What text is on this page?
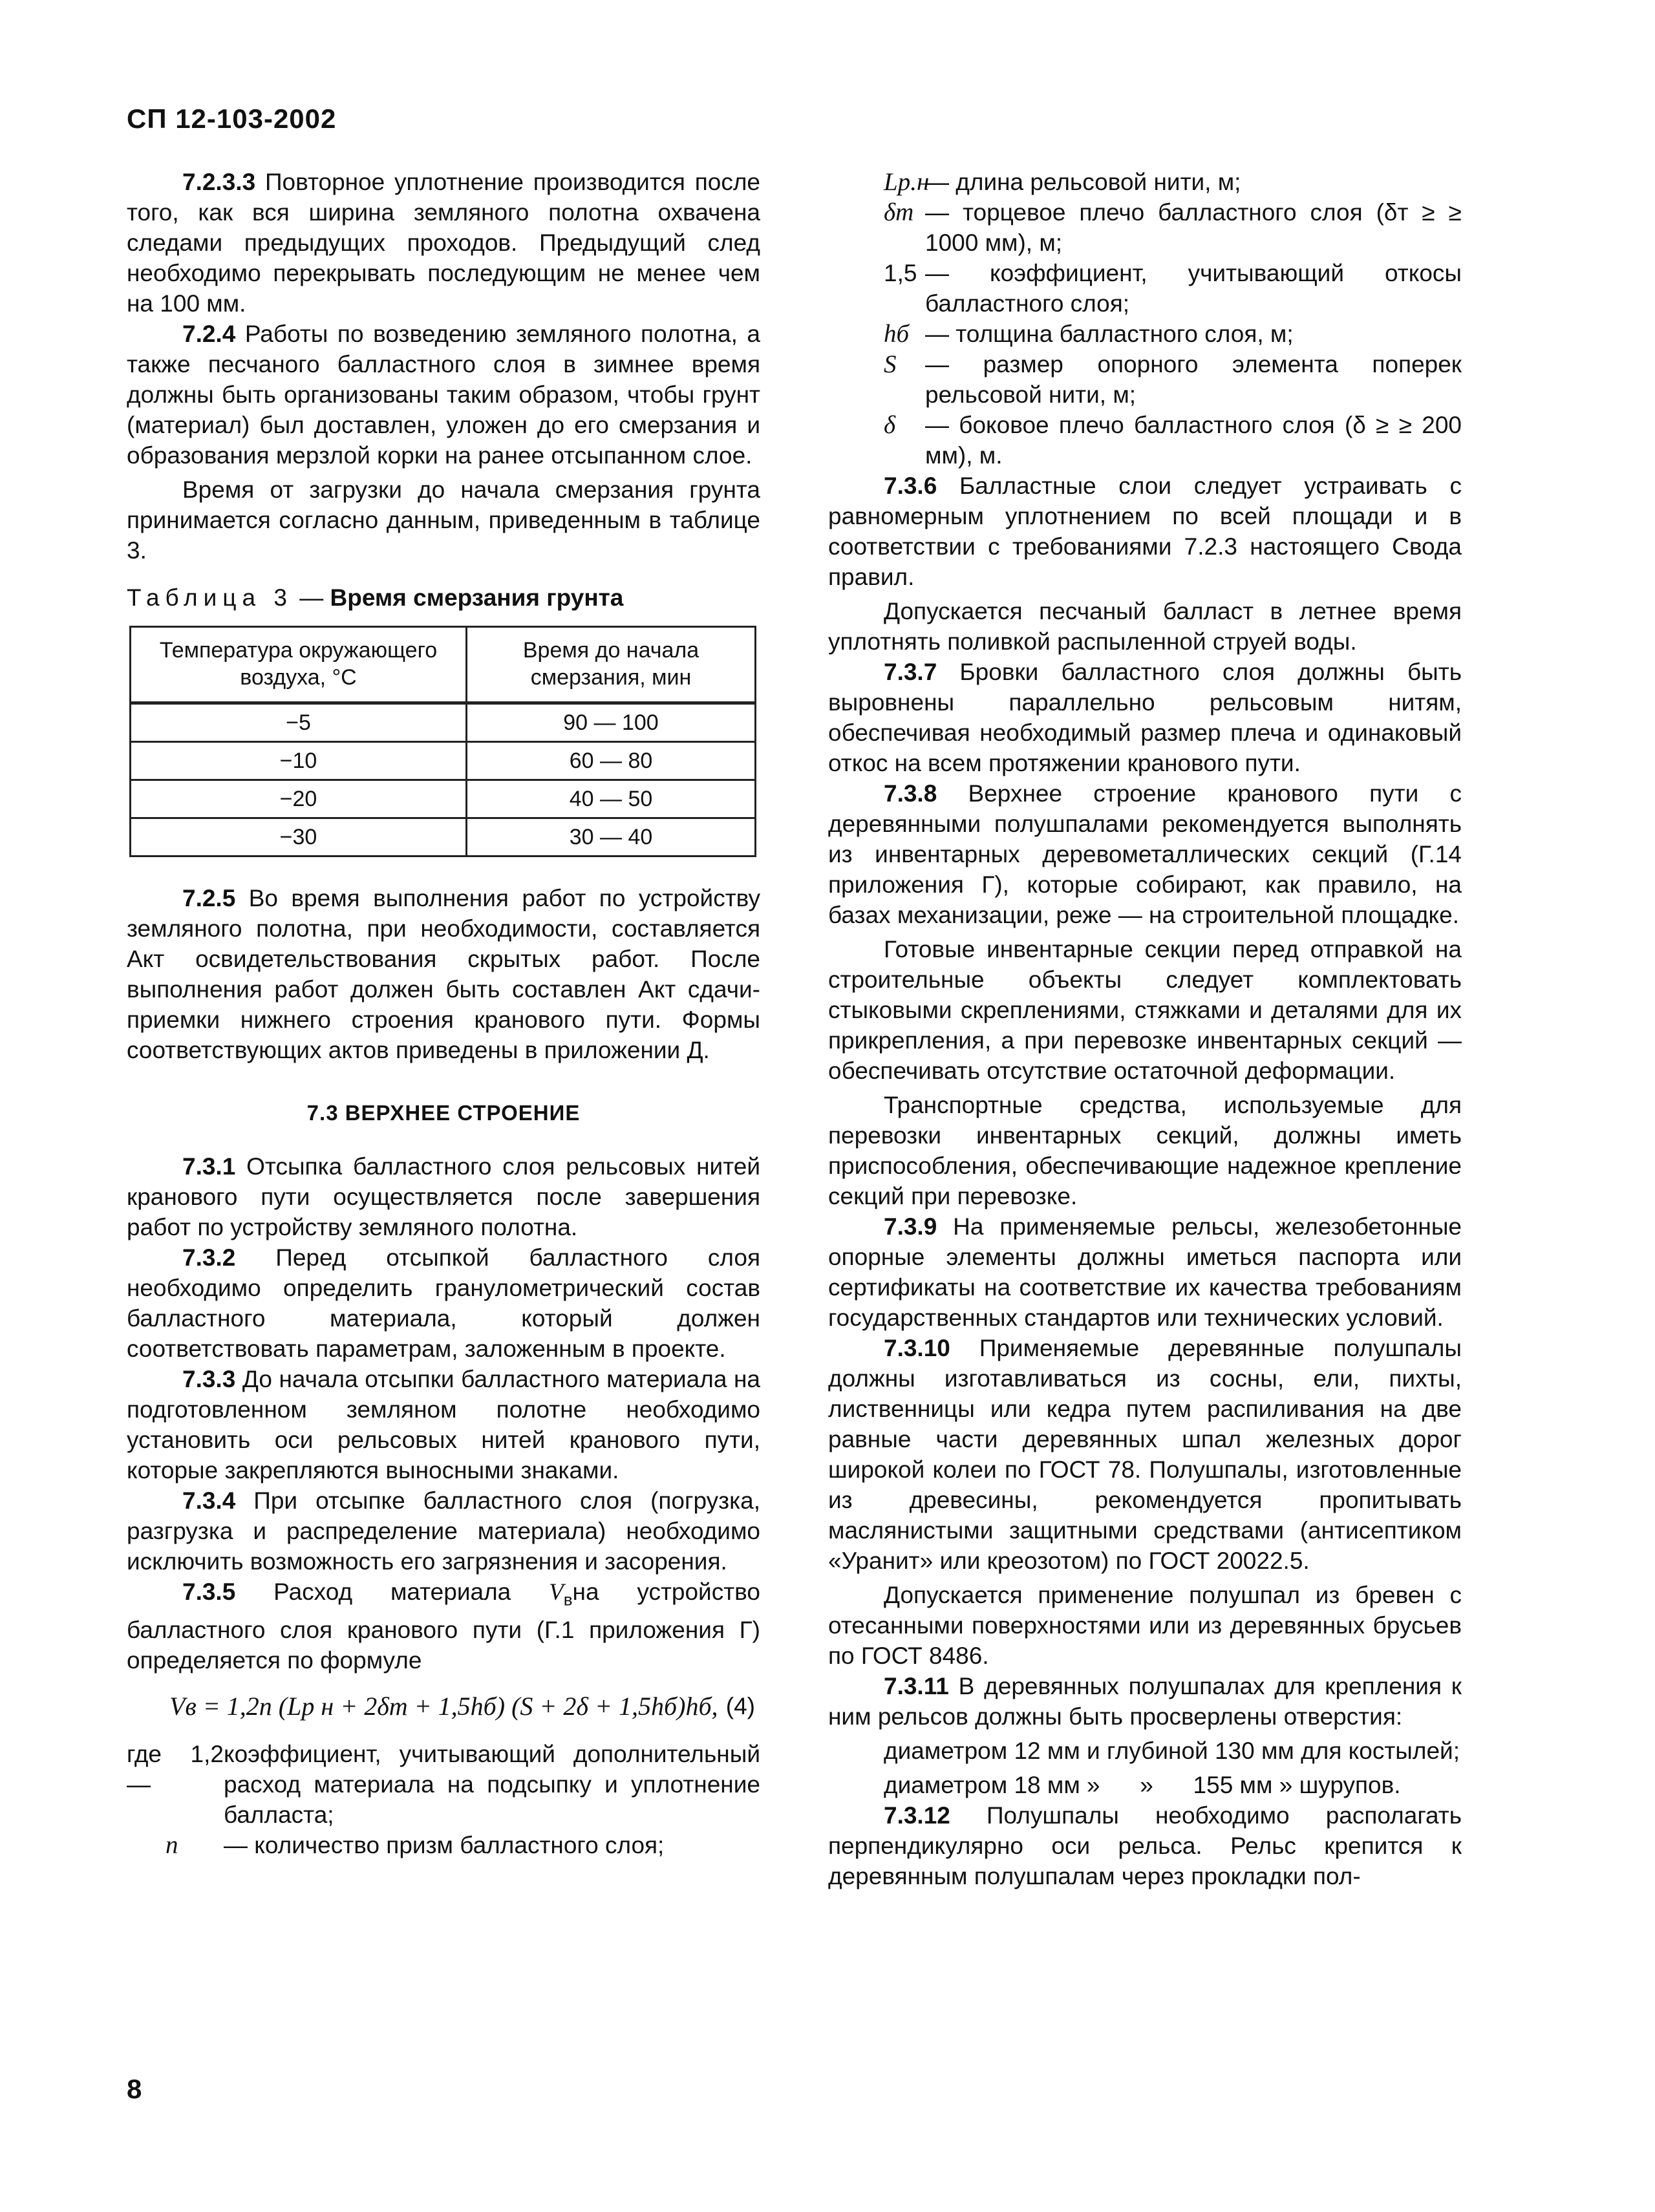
СП 12-103-2002

7.2.3.3 Повторное уплотнение производится после того, как вся ширина земляного полотна охвачена следами предыдущих проходов. Предыдущий след необходимо перекрывать последующим не менее чем на 100 мм.

7.2.4 Работы по возведению земляного полотна, а также песчаного балластного слоя в зимнее время должны быть организованы таким образом, чтобы грунт (материал) был доставлен, уложен до его смерзания и образования мерзлой корки на ранее отсыпанном слое.

Время от загрузки до начала смерзания грунта принимается согласно данным, приведенным в таблице 3.

Таблица 3 — Время смерзания грунта
Температура окружающего воздуха, °С	Время до начала смерзания, мин
−5	90 — 100
−10	60 — 80
−20	40 — 50
−30	30 — 40

7.2.5 Во время выполнения работ по устройству земляного полотна, при необходимости, составляется Акт освидетельствования скрытых работ. После выполнения работ должен быть составлен Акт сдачи-приемки нижнего строения кранового пути. Формы соответствующих актов приведены в приложении Д.

7.3 ВЕРХНЕЕ СТРОЕНИЕ

7.3.1 Отсыпка балластного слоя рельсовых нитей кранового пути осуществляется после завершения работ по устройству земляного полотна.

7.3.2 Перед отсыпкой балластного слоя необходимо определить гранулометрический состав балластного материала, который должен соответствовать параметрам, заложенным в проекте.

7.3.3 До начала отсыпки балластного материала на подготовленном земляном полотне необходимо установить оси рельсовых нитей кранового пути, которые закрепляются выносными знаками.

7.3.4 При отсыпке балластного слоя (погрузка, разгрузка и распределение материала) необходимо исключить возможность его загрязнения и засорения.

7.3.5 Расход материала $V_вна$ устройство балластного слоя кранового пути (Г.1 приложения Г) определяется по формуле

Vв = 1,2n (Lр н + 2δт + 1,5hб) (S + 2δ + 1,5hб)hб, (4)
где 1,2 —
коэффициент, учитывающий дополнительный расход материала на подсыпку и уплотнение балласта;
n	— количество призм балластного слоя;
Lр.н
— длина рельсовой нити, м;
δт — торцевое плечо балластного слоя (δт ≥ ≥ 1000 мм), м;
1,5 — коэффициент, учитывающий откосы балластного слоя;
hб — толщина балластного слоя, м;
S	— размер опорного элемента поперек рельсовой нити, м;
δ	— боковое плечо балластного слоя (δ ≥ ≥ 200 мм), м.

7.3.6 Балластные слои следует устраивать с равномерным уплотнением по всей площади и в соответствии с требованиями 7.2.3 настоящего Свода правил.

Допускается песчаный балласт в летнее время уплотнять поливкой распыленной струей воды.

7.3.7 Бровки балластного слоя должны быть выровнены параллельно рельсовым нитям, обеспечивая необходимый размер плеча и одинаковый откос на всем протяжении кранового пути.

7.3.8 Верхнее строение кранового пути с деревянными полушпалами рекомендуется выполнять из инвентарных деревометаллических секций (Г.14 приложения Г), которые собирают, как правило, на базах механизации, реже — на строительной площадке.

Готовые инвентарные секции перед отправкой на строительные объекты следует комплектовать стыковыми скреплениями, стяжками и деталями для их прикрепления, а при перевозке инвентарных секций — обеспечивать отсутствие остаточной деформации.

Транспортные средства, используемые для перевозки инвентарных секций, должны иметь приспособления, обеспечивающие надежное крепление секций при перевозке.

7.3.9 На применяемые рельсы, железобетонные опорные элементы должны иметься паспорта или сертификаты на соответствие их качества требованиям государственных стандартов или технических условий.

7.3.10 Применяемые деревянные полушпалы должны изготавливаться из сосны, ели, пихты, лиственницы или кедра путем распиливания на две равные части деревянных шпал железных дорог широкой колеи по ГОСТ 78. Полушпалы, изготовленные из древесины, рекомендуется пропитывать маслянистыми защитными средствами (антисептиком «Уранит» или креозотом) по ГОСТ 20022.5.

Допускается применение полушпал из бревен с отесанными поверхностями или из деревянных брусьев по ГОСТ 8486.

7.3.11 В деревянных полушпалах для крепления к ним рельсов должны быть просверлены отверстия:

диаметром 12 мм и глубиной 130 мм для костылей;

диаметром 18 мм »      »      155 мм » шурупов.

7.3.12 Полушпалы необходимо располагать перпендикулярно оси рельса. Рельс крепится к деревянным полушпалам через прокладки пол-

8
